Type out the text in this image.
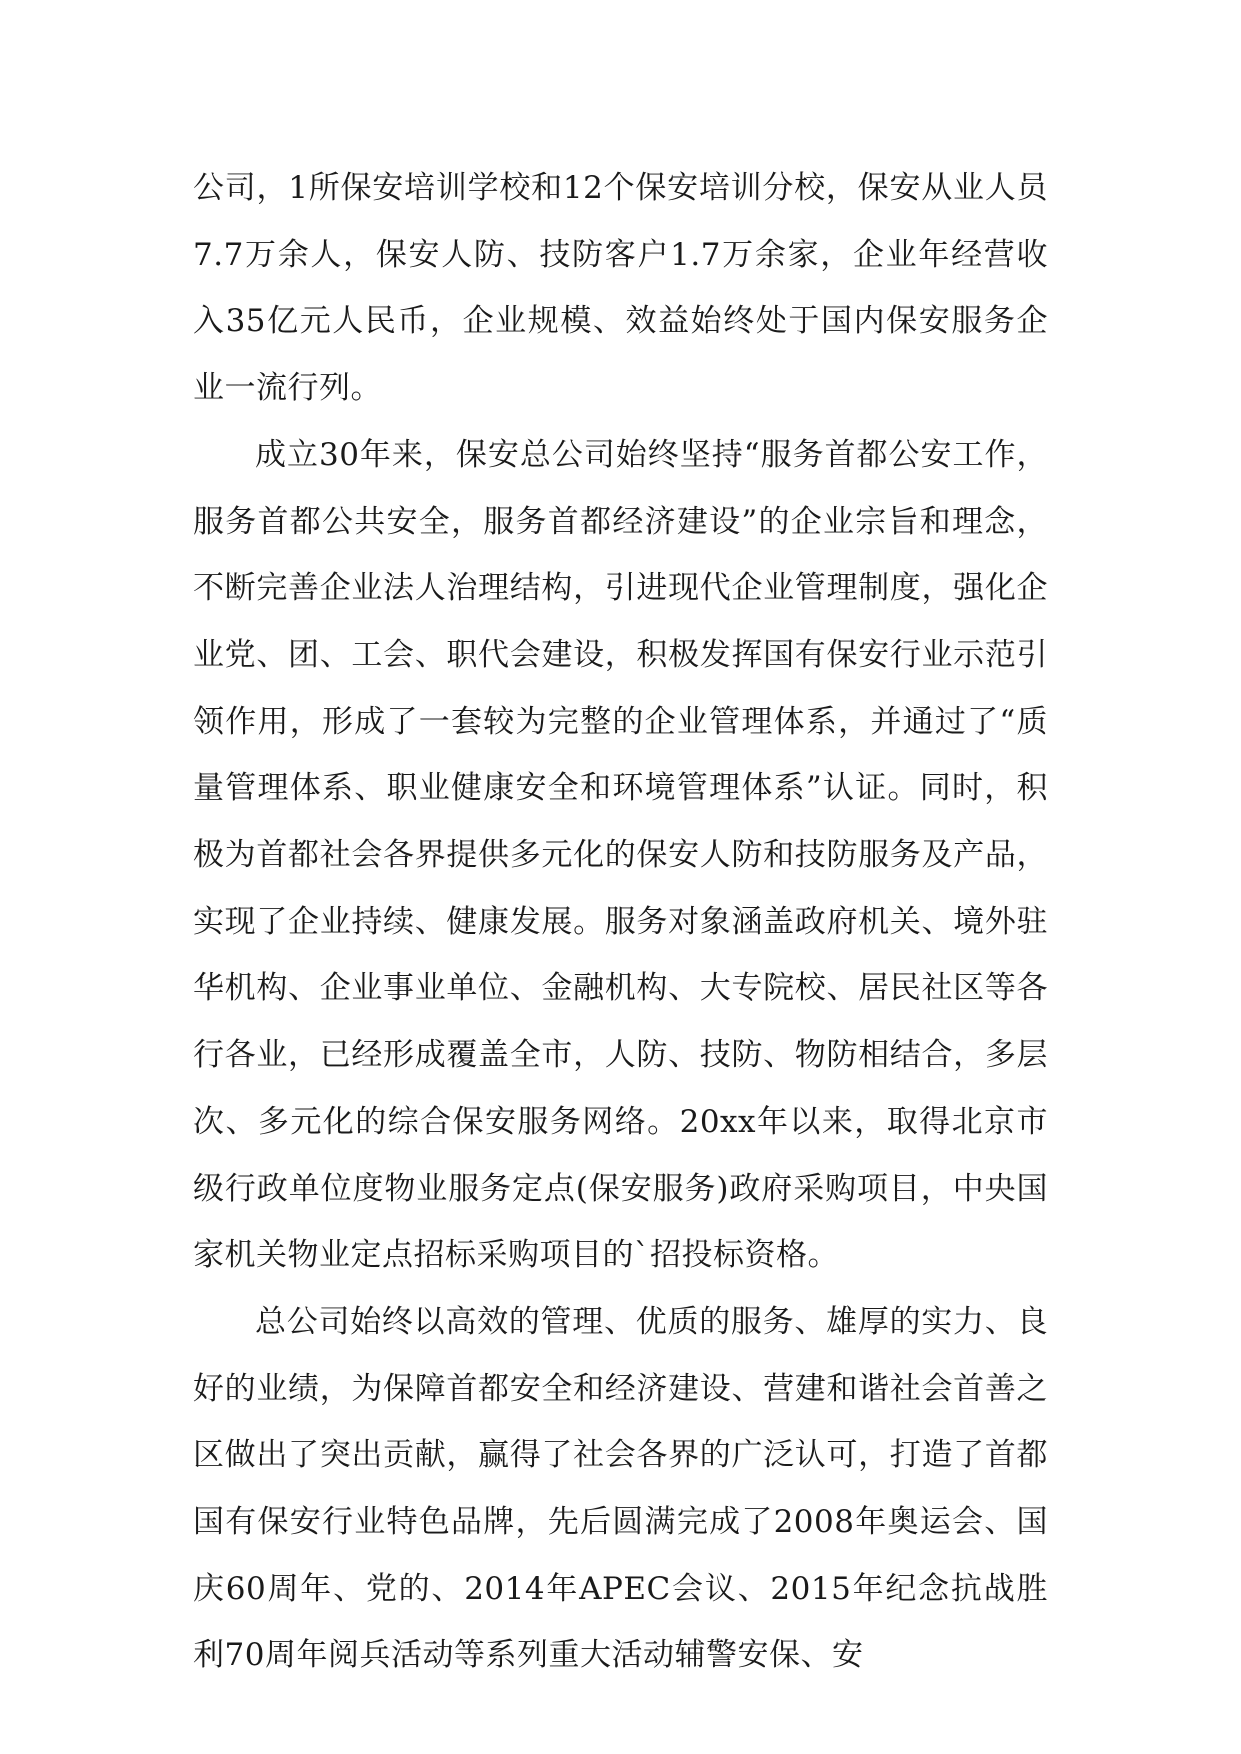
公司，1所保安培训学校和12个保安培训分校，保安从业人员7.7万余人，保安人防、技防客户1.7万余家，企业年经营收入35亿元人民币，企业规模、效益始终处于国内保安服务企业一流行列。

成立30年来，保安总公司始终坚持“服务首都公安工作，服务首都公共安全，服务首都经济建设”的企业宗旨和理念，不断完善企业法人治理结构，引进现代企业管理制度，强化企业党、团、工会、职代会建设，积极发挥国有保安行业示范引领作用，形成了一套较为完整的企业管理体系，并通过了“质量管理体系、职业健康安全和环境管理体系”认证。同时，积极为首都社会各界提供多元化的保安人防和技防服务及产品，实现了企业持续、健康发展。服务对象涵盖政府机关、境外驻华机构、企业事业单位、金融机构、大专院校、居民社区等各行各业，已经形成覆盖全市，人防、技防、物防相结合，多层次、多元化的综合保安服务网络。20xx年以来，取得北京市级行政单位度物业服务定点(保安服务)政府采购项目，中央国家机关物业定点招标采购项目的`招投标资格。

总公司始终以高效的管理、优质的服务、雄厚的实力、良好的业绩，为保障首都安全和经济建设、营建和谐社会首善之区做出了突出贡献，赢得了社会各界的广泛认可，打造了首都国有保安行业特色品牌，先后圆满完成了2008年奥运会、国庆60周年、党的、2014年APEC会议、2015年纪念抗战胜利70周年阅兵活动等系列重大活动辅警安保、安
